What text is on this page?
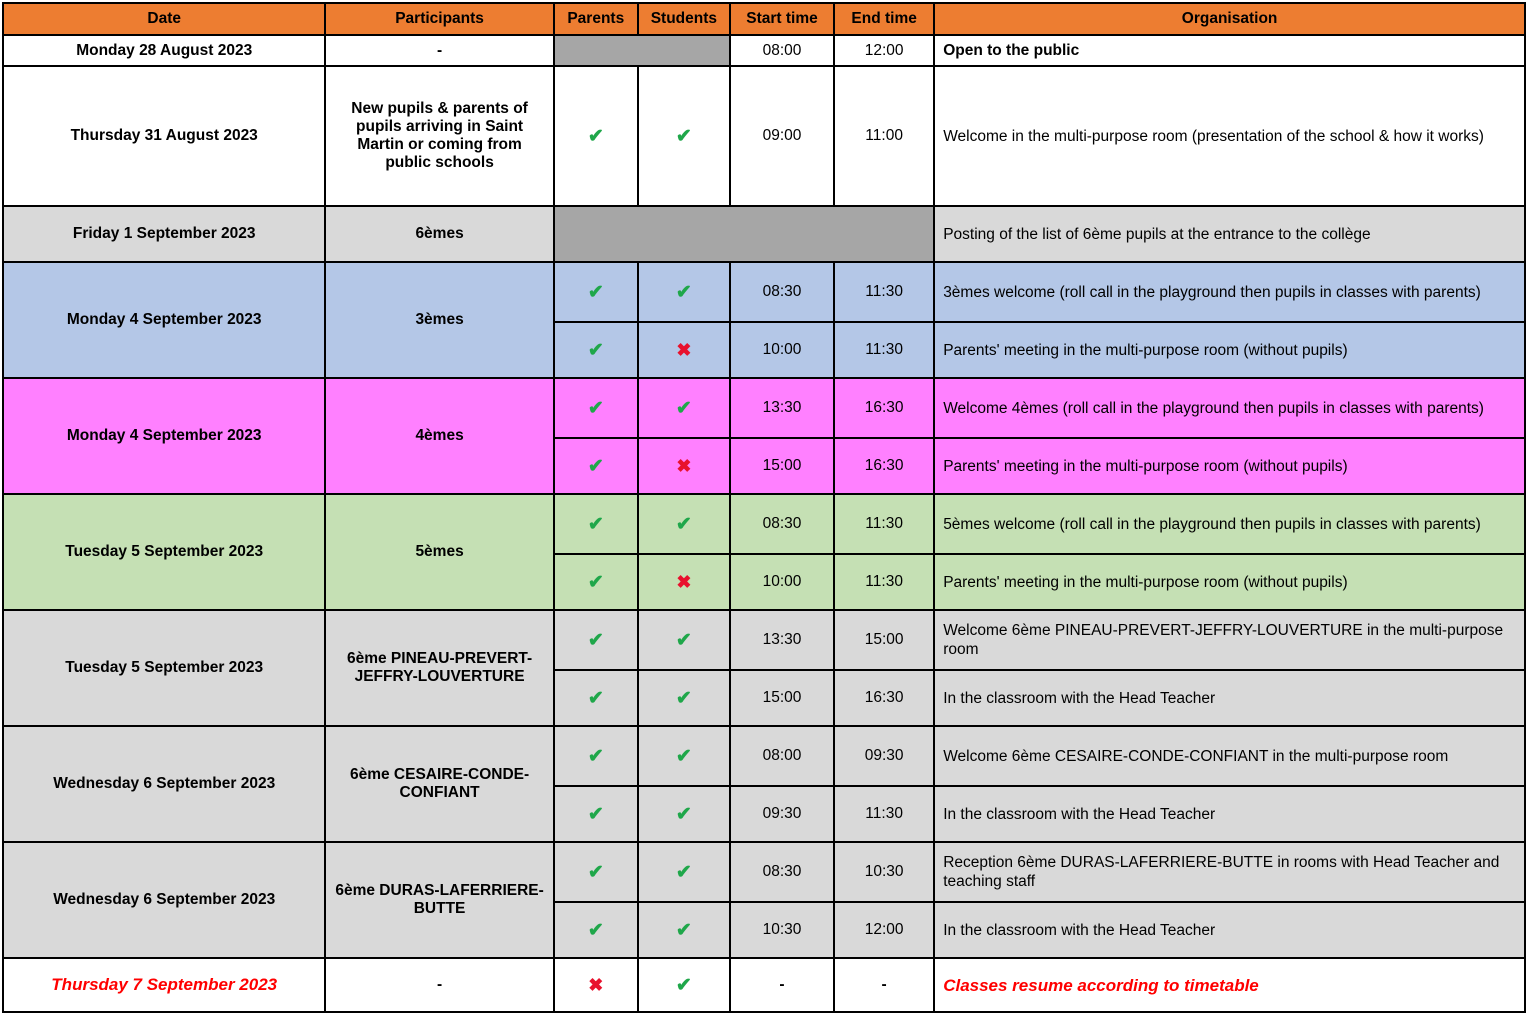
Date	Participants	Parents	Students	Start time	End time	Organisation

Monday 28 August 2023	-			08:00	12:00	Open to the public

Thursday 31 August 2023	New pupils & parents of pupils arriving in Saint Martin or coming from public schools	✔	✔	09:00	11:00	Welcome in the multi-purpose room (presentation of the school & how it works)

Friday 1 September 2023	6èmes					Posting of the list of 6ème pupils at the entrance to the collège

Monday 4 September 2023	3èmes	✔	✔	08:30	11:30	3èmes welcome (roll call in the playground then pupils in classes with parents)

		✔	✖	10:00	11:30	Parents' meeting in the multi-purpose room (without pupils)

Monday 4 September 2023	4èmes	✔	✔	13:30	16:30	Welcome 4èmes (roll call in the playground then pupils in classes with parents)

		✔	✖	15:00	16:30	Parents' meeting in the multi-purpose room (without pupils)

Tuesday 5 September 2023	5èmes	✔	✔	08:30	11:30	5èmes welcome (roll call in the playground then pupils in classes with parents)

		✔	✖	10:00	11:30	Parents' meeting in the multi-purpose room (without pupils)

Tuesday 5 September 2023	6ème PINEAU-PREVERT-JEFFRY-LOUVERTURE	✔	✔	13:30	15:00	Welcome 6ème PINEAU-PREVERT-JEFFRY-LOUVERTURE in the multi-purpose room

		✔	✔	15:00	16:30	In the classroom with the Head Teacher

Wednesday 6 September 2023	6ème CESAIRE-CONDE-CONFIANT	✔	✔	08:00	09:30	Welcome 6ème CESAIRE-CONDE-CONFIANT in the multi-purpose room

		✔	✔	09:30	11:30	In the classroom with the Head Teacher

Wednesday 6 September 2023	6ème DURAS-LAFERRIERE-BUTTE	✔	✔	08:30	10:30	Reception 6ème DURAS-LAFERRIERE-BUTTE in rooms with Head Teacher and teaching staff

		✔	✔	10:30	12:00	In the classroom with the Head Teacher

Thursday 7 September 2023	-	✖	✔	-	-	Classes resume according to timetable
